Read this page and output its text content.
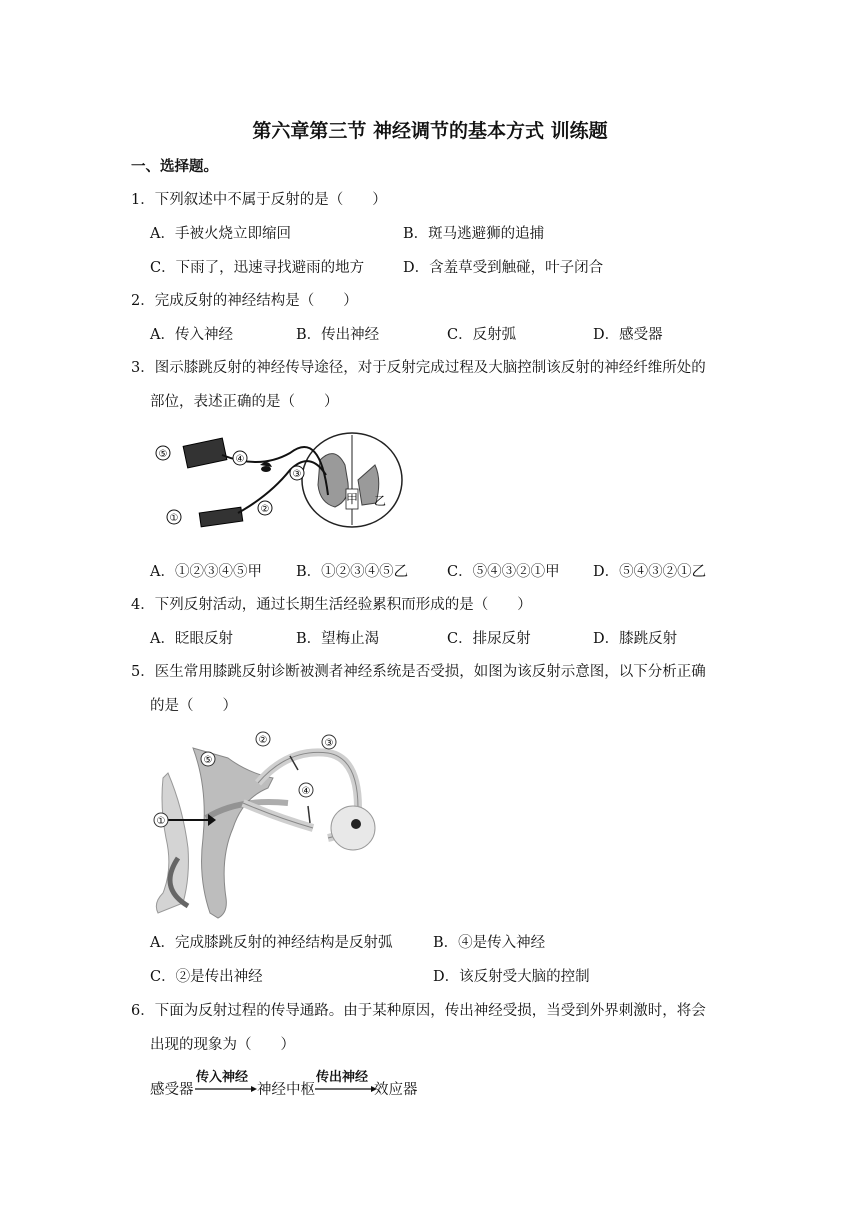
第六章第三节 神经调节的基本方式 训练题
一、选择题。
1．下列叙述中不属于反射的是（　　）
A．手被火烧立即缩回	B．斑马逃避狮的追捕
C．下雨了，迅速寻找避雨的地方	D．含羞草受到触碰，叶子闭合
2．完成反射的神经结构是（　　）
A．传入神经	B．传出神经	C．反射弧	D．感受器
3．图示膝跳反射的神经传导途径，对于反射完成过程及大脑控制该反射的神经纤维所处的
部位，表述正确的是（　　）
⑤	④
③
②
①
甲 乙
A．①②③④⑤甲 B．①②③④⑤乙	C．⑤④③②①甲 D．⑤④③②①乙
4．下列反射活动，通过长期生活经验累积而形成的是（　　）
A．眨眼反射	B．望梅止渴	C．排尿反射	D．膝跳反射
5．医生常用膝跳反射诊断被测者神经系统是否受损，如图为该反射示意图，以下分析正确
的是（　　）
⑤
②	③
④
①
A．完成膝跳反射的神经结构是反射弧	B．④是传入神经
C．②是传出神经	D．该反射受大脑的控制
6．下面为反射过程的传导通路。由于某种原因，传出神经受损，当受到外界刺激时，将会
出现的现象为（　　）
感受器
传入神经
神经中枢
传出神经
效应器
